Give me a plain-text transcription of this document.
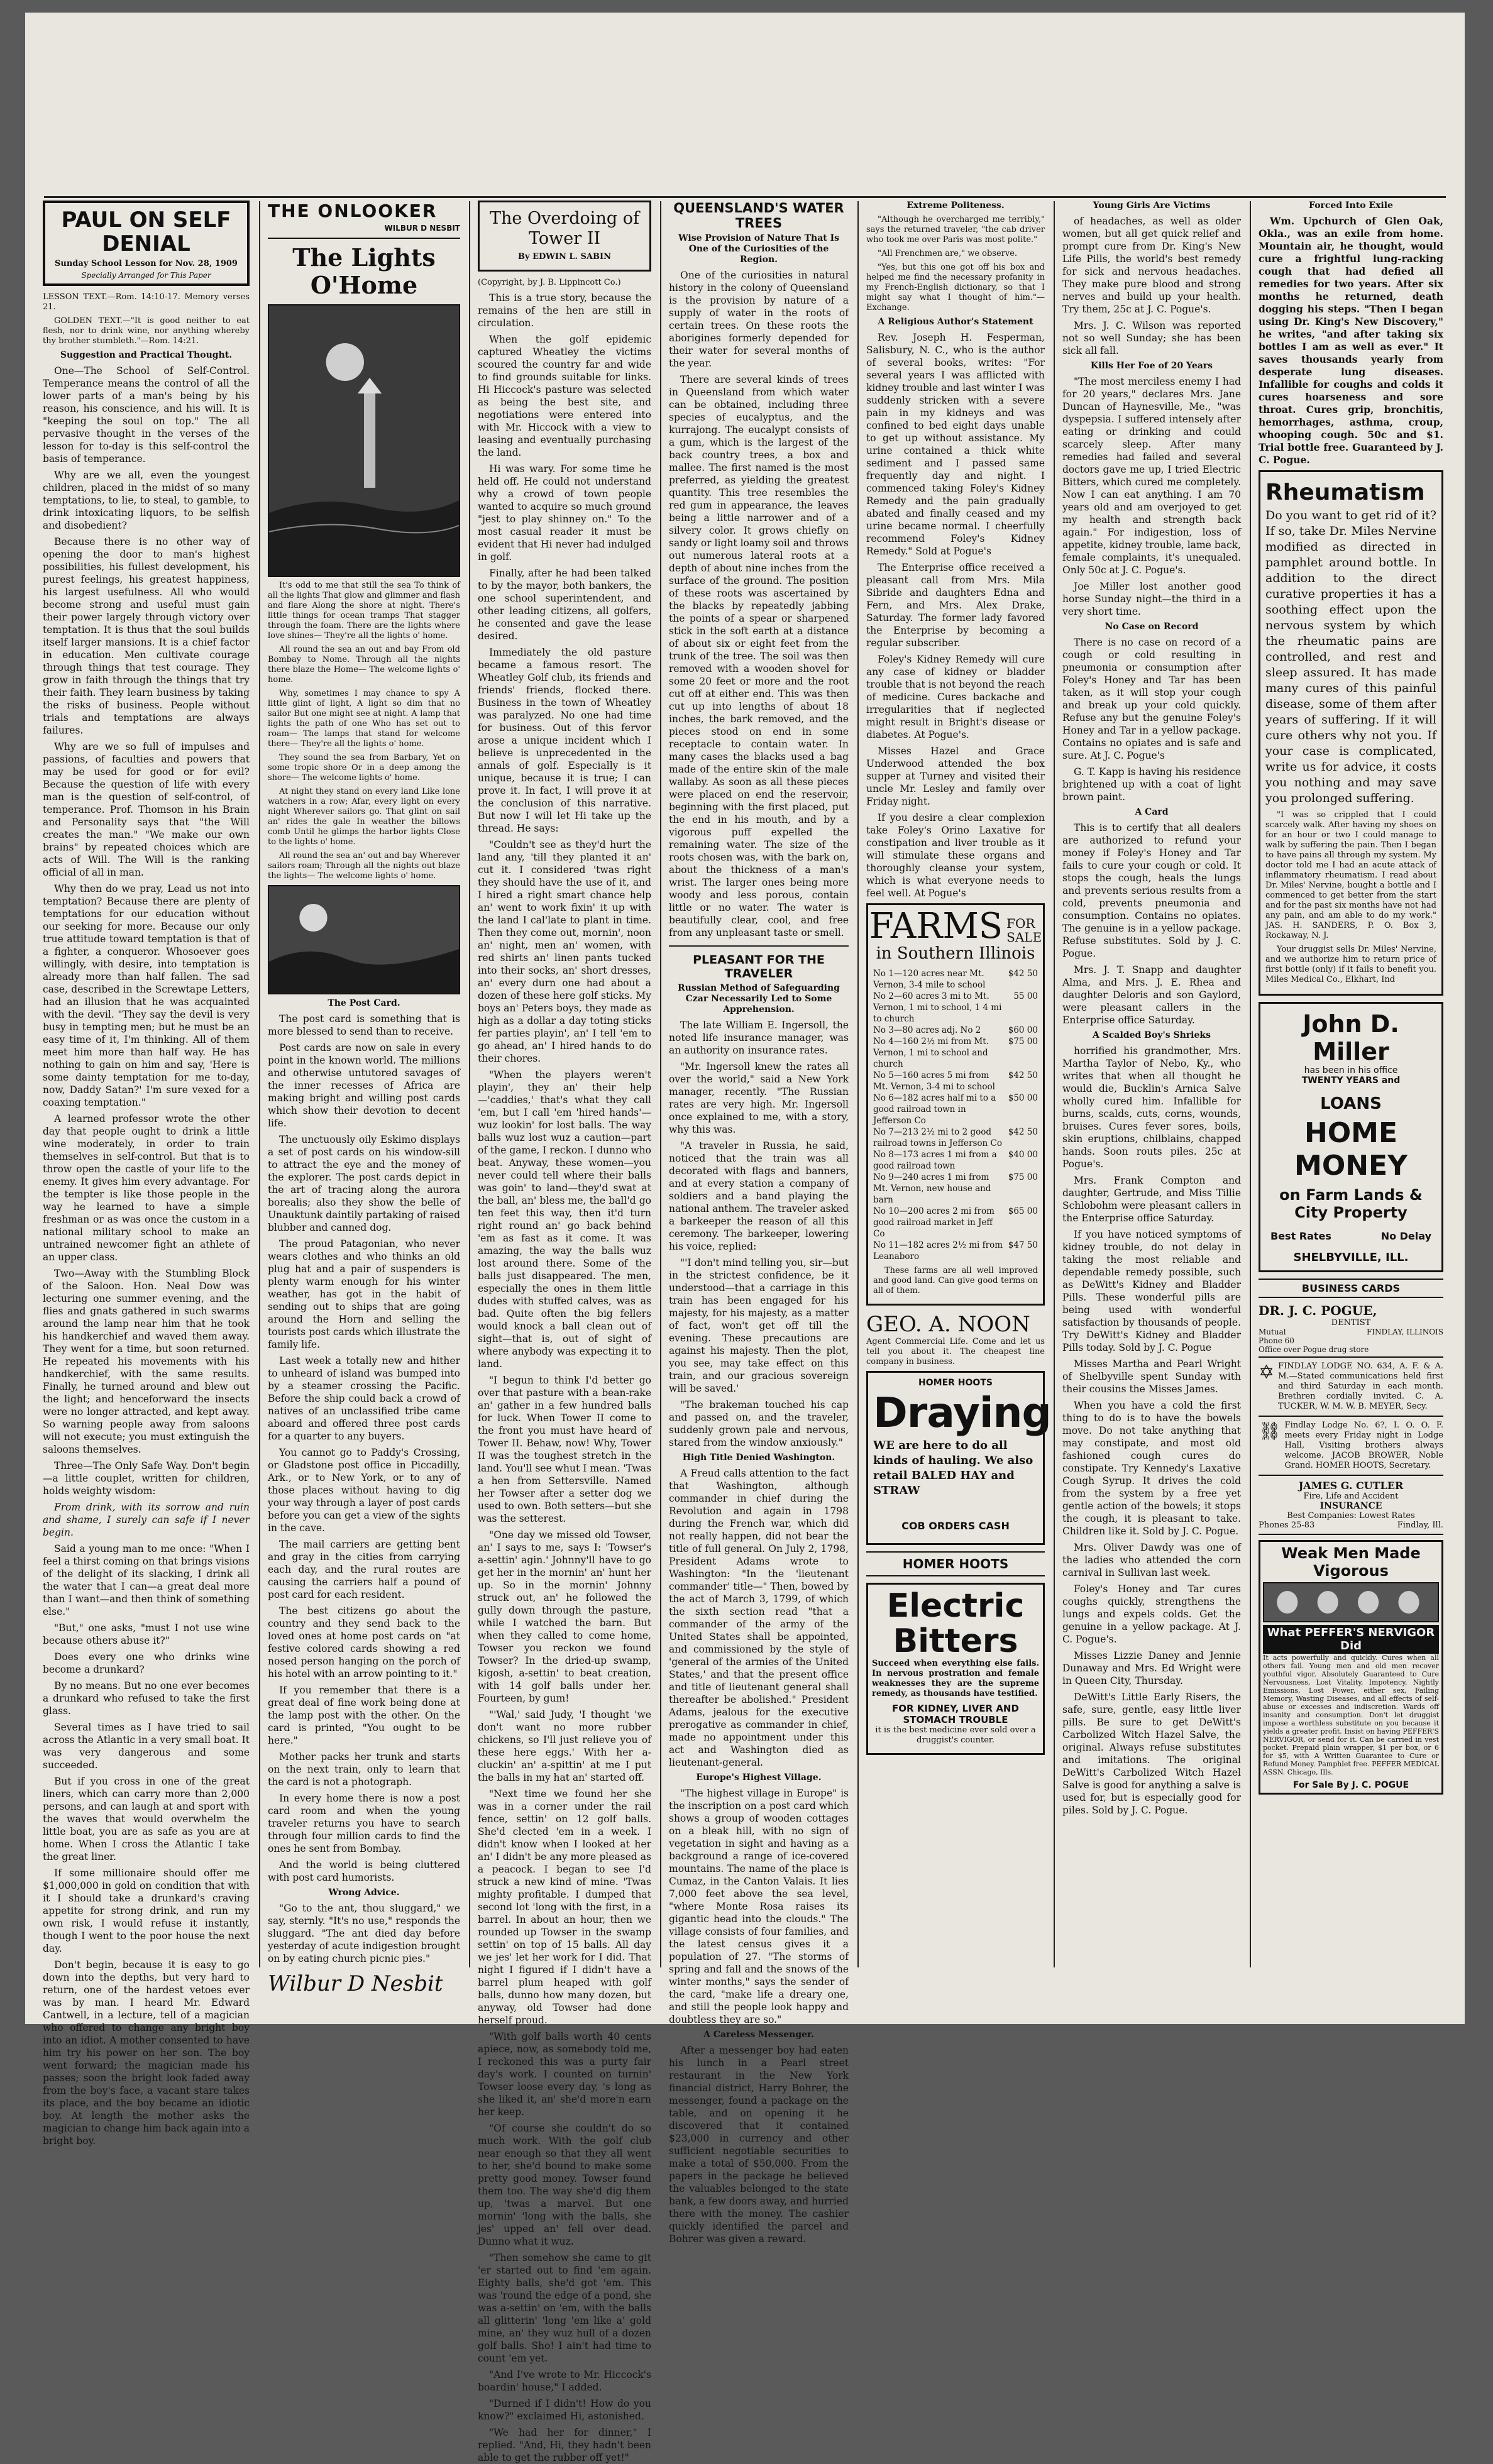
PAUL ON SELF DENIAL
Sunday School Lesson for Nov. 28, 1909
Specially Arranged for This Paper

LESSON TEXT.—Rom. 14:10-17. Memory verses 21.

GOLDEN TEXT.—"It is good neither to eat flesh, nor to drink wine, nor anything whereby thy brother stumbleth."—Rom. 14:21.

Suggestion and Practical Thought.

One—The School of Self-Control. Temperance means the control of all the lower parts of a man's being by his reason, his conscience, and his will. It is "keeping the soul on top." The all pervasive thought in the verses of the lesson for to-day is this self-control the basis of temperance.

Why are we all, even the youngest children, placed in the midst of so many temptations, to lie, to steal, to gamble, to drink intoxicating liquors, to be selfish and disobedient?

Because there is no other way of opening the door to man's highest possibilities, his fullest development, his purest feelings, his greatest happiness, his largest usefulness. All who would become strong and useful must gain their power largely through victory over temptation. It is thus that the soul builds itself larger mansions. It is a chief factor in education. Men cultivate courage through things that test courage. They grow in faith through the things that try their faith. They learn business by taking the risks of business. People without trials and temptations are always failures.

Why are we so full of impulses and passions, of faculties and powers that may be used for good or for evil? Because the question of life with every man is the question of self-control, of temperance. Prof. Thomson in his Brain and Personality says that "the Will creates the man." "We make our own brains" by repeated choices which are acts of Will. The Will is the ranking official of all in man.

Why then do we pray, Lead us not into temptation? Because there are plenty of temptations for our education without our seeking for more. Because our only true attitude toward temptation is that of a fighter, a conqueror. Whosoever goes willingly, with desire, into temptation is already more than half fallen. The sad case, described in the Screwtape Letters, had an illusion that he was acquainted with the devil. "They say the devil is very busy in tempting men; but he must be an easy time of it, I'm thinking. All of them meet him more than half way. He has nothing to gain on him and say, 'Here is some dainty temptation for me to-day, now, Daddy Satan?' I'm sure vexed for a coaxing temptation."

A learned professor wrote the other day that people ought to drink a little wine moderately, in order to train themselves in self-control. But that is to throw open the castle of your life to the enemy. It gives him every advantage. For the tempter is like those people in the way he learned to have a simple freshman or as was once the custom in a national military school to make an untrained newcomer fight an athlete of an upper class.

Two—Away with the Stumbling Block of the Saloon. Hon. Neal Dow was lecturing one summer evening, and the flies and gnats gathered in such swarms around the lamp near him that he took his handkerchief and waved them away. They went for a time, but soon returned. He repeated his movements with his handkerchief, with the same results. Finally, he turned around and blew out the light; and henceforward the insects were no longer attracted, and kept away. So warning people away from saloons will not execute; you must extinguish the saloons themselves.

Three—The Only Safe Way. Don't begin—a little couplet, written for children, holds weighty wisdom:

From drink, with its sorrow and ruin and shame, I surely can safe if I never begin.

Said a young man to me once: "When I feel a thirst coming on that brings visions of the delight of its slacking, I drink all the water that I can—a great deal more than I want—and then think of something else."

"But," one asks, "must I not use wine because others abuse it?"

Does every one who drinks wine become a drunkard?

By no means. But no one ever becomes a drunkard who refused to take the first glass.

Several times as I have tried to sail across the Atlantic in a very small boat. It was very dangerous and some succeeded.

But if you cross in one of the great liners, which can carry more than 2,000 persons, and can laugh at and sport with the waves that would overwhelm the little boat, you are as safe as you are at home. When I cross the Atlantic I take the great liner.

If some millionaire should offer me $1,000,000 in gold on condition that with it I should take a drunkard's craving appetite for strong drink, and run my own risk, I would refuse it instantly, though I went to the poor house the next day.

Don't begin, because it is easy to go down into the depths, but very hard to return, one of the hardest vetoes ever was by man. I heard Mr. Edward Cantwell, in a lecture, tell of a magician who offered to change any bright boy into an idiot. A mother consented to have him try his power on her son. The boy went forward; the magician made his passes; soon the bright look faded away from the boy's face, a vacant stare takes its place, and the boy became an idiotic boy. At length the mother asks the magician to change him back again into a bright boy.

THE ONLOOKER
WILBUR D NESBIT
The Lights O'Home

It's odd to me that still the sea To think of all the lights That glow and glimmer and flash and flare Along the shore at night. There's little things for ocean tramps That stagger through the foam. There are the lights where love shines— They're all the lights o' home.

All round the sea an out and bay From old Bombay to Nome. Through all the nights there blaze the Home— The welcome lights o' home.

Why, sometimes I may chance to spy A little glint of light, A light so dim that no sailor But one might see at night. A lamp that lights the path of one Who has set out to roam— The lamps that stand for welcome there— They're all the lights o' home.

They sound the sea from Barbary, Yet on some tropic shore Or in a deep among the shore— The welcome lights o' home.

At night they stand on every land Like lone watchers in a row; Afar, every light on every night Wherever sailors go. That glint on sail an' rides the gale In weather the billows comb Until he glimps the harbor lights Close to the lights o' home.

All round the sea an' out and bay Wherever sailors roam; Through all the nights out blaze the lights— The welcome lights o' home.

The Post Card.

The post card is something that is more blessed to send than to receive.

Post cards are now on sale in every point in the known world. The millions and otherwise untutored savages of the inner recesses of Africa are making bright and willing post cards which show their devotion to decent life.

The unctuously oily Eskimo displays a set of post cards on his window-sill to attract the eye and the money of the explorer. The post cards depict in the art of tracing along the aurora borealis; also they show the belle of Unauktunk daintily partaking of raised blubber and canned dog.

The proud Patagonian, who never wears clothes and who thinks an old plug hat and a pair of suspenders is plenty warm enough for his winter weather, has got in the habit of sending out to ships that are going around the Horn and selling the tourists post cards which illustrate the family life.

Last week a totally new and hither to unheard of island was bumped into by a steamer crossing the Pacific. Before the ship could back a crowd of natives of an unclassified tribe came aboard and offered three post cards for a quarter to any buyers.

You cannot go to Paddy's Crossing, or Gladstone post office in Piccadilly, Ark., or to New York, or to any of those places without having to dig your way through a layer of post cards before you can get a view of the sights in the cave.

The mail carriers are getting bent and gray in the cities from carrying each day, and the rural routes are causing the carriers half a pound of post card for each resident.

The best citizens go about the country and they send back to the loved ones at home post cards on "at festive colored cards showing a red nosed person hanging on the porch of his hotel with an arrow pointing to it."

If you remember that there is a great deal of fine work being done at the lamp post with the other. On the card is printed, "You ought to be here."

Mother packs her trunk and starts on the next train, only to learn that the card is not a photograph.

In every home there is now a post card room and when the young traveler returns you have to search through four million cards to find the ones he sent from Bombay.

And the world is being cluttered with post card humorists.

Wrong Advice.

"Go to the ant, thou sluggard," we say, sternly. "It's no use," responds the sluggard. "The ant died day before yesterday of acute indigestion brought on by eating church picnic pies."

Wilbur D Nesbit
The Overdoing of Tower II
By EDWIN L. SABIN

(Copyright, by J. B. Lippincott Co.)

This is a true story, because the remains of the hen are still in circulation.

When the golf epidemic captured Wheatley the victims scoured the country far and wide to find grounds suitable for links. Hi Hiccock's pasture was selected as being the best site, and negotiations were entered into with Mr. Hiccock with a view to leasing and eventually purchasing the land.

Hi was wary. For some time he held off. He could not understand why a crowd of town people wanted to acquire so much ground "jest to play shinney on." To the most casual reader it must be evident that Hi never had indulged in golf.

Finally, after he had been talked to by the mayor, both bankers, the one school superintendent, and other leading citizens, all golfers, he consented and gave the lease desired.

Immediately the old pasture became a famous resort. The Wheatley Golf club, its friends and friends' friends, flocked there. Business in the town of Wheatley was paralyzed. No one had time for business. Out of this fervor arose a unique incident which I believe is unprecedented in the annals of golf. Especially is it unique, because it is true; I can prove it. In fact, I will prove it at the conclusion of this narrative. But now I will let Hi take up the thread. He says:

"Couldn't see as they'd hurt the land any, 'till they planted it an' cut it. I considered 'twas right they should have the use of it, and I hired a right smart chance help an' went to work fixin' it up with the land I cal'late to plant in time. Then they come out, mornin', noon an' night, men an' women, with red shirts an' linen pants tucked into their socks, an' short dresses, an' every durn one had about a dozen of these here golf sticks. My boys an' Peters boys, they made as high as a dollar a day toting sticks fer parties playin', an' I tell 'em to go ahead, an' I hired hands to do their chores.

"When the players weren't playin', they an' their help—'caddies,' that's what they call 'em, but I call 'em 'hired hands'—wuz lookin' for lost balls. The way balls wuz lost wuz a caution—part of the game, I reckon. I dunno who beat. Anyway, these women—you never could tell where their balls was goin' to land—they'd swat at the ball, an' bless me, the ball'd go ten feet this way, then it'd turn right round an' go back behind 'em as fast as it come. It was amazing, the way the balls wuz lost around there. Some of the balls just disappeared. The men, especially the ones in them little dudes with stuffed calves, was as bad. Quite often the big fellers would knock a ball clean out of sight—that is, out of sight of where anybody was expecting it to land.

"I begun to think I'd better go over that pasture with a bean-rake an' gather in a few hundred balls for luck. When Tower II come to the front you must have heard of Tower II. Behaw, now! Why, Tower II was the toughest stretch in the land. You'll see whut I mean. 'Twas a hen from Settersville. Named her Towser after a setter dog we used to own. Both setters—but she was the setterest.

"One day we missed old Towser, an' I says to me, says I: 'Towser's a-settin' agin.' Johnny'll have to go get her in the mornin' an' hunt her up. So in the mornin' Johnny struck out, an' he followed the gully down through the pasture, while I watched the barn. But when they called to come home, Towser you reckon we found Towser? In the dried-up swamp, kigosh, a-settin' to beat creation, with 14 golf balls under her. Fourteen, by gum!

"'Wal,' said Judy, 'I thought 'we don't want no more rubber chickens, so I'll just relieve you of these here eggs.' With her a-cluckin' an' a-spittin' at me I put the balls in my hat an' started off.

"Next time we found her she was in a corner under the rail fence, settin' on 12 golf balls. She'd clected 'em in a week. I didn't know when I looked at her an' I didn't be any more pleased as a peacock. I began to see I'd struck a new kind of mine. 'Twas mighty profitable. I dumped that second lot 'long with the first, in a barrel. In about an hour, then we rounded up Towser in the swamp settin' on top of 15 balls. All day we jes' let her work for I did. That night I figured if I didn't have a barrel plum heaped with golf balls, dunno how many dozen, but anyway, old Towser had done herself proud.

"With golf balls worth 40 cents apiece, now, as somebody told me, I reckoned this was a purty fair day's work. I counted on turnin' Towser loose every day, 's long as she liked it, an' she'd more'n earn her keep.

"Of course she couldn't do so much work. With the golf club near enough so that they all went to her, she'd bound to make some pretty good money. Towser found them too. The way she'd dig them up, 'twas a marvel. But one mornin' 'long with the balls, she jes' upped an' fell over dead. Dunno what it wuz.

"Then somehow she came to git 'er started out to find 'em again. Eighty balls, she'd got 'em. This was 'round the edge of a pond, she was a-settin' on 'em, with the balls all glitterin' 'long 'em like a' gold mine, an' they wuz hull of a dozen golf balls. Sho! I ain't had time to count 'em yet.

"And I've wrote to Mr. Hiccock's boardin' house," I added.

"Durned if I didn't! How do you know?" exclaimed Hi, astonished.

"We had her for dinner," I replied. "And, Hi, they hadn't been able to get the rubber off yet!"

QUEENSLAND'S WATER TREES
Wise Provision of Nature That Is One of the Curiosities of the Region.

One of the curiosities in natural history in the colony of Queensland is the provision by nature of a supply of water in the roots of certain trees. On these roots the aborigines formerly depended for their water for several months of the year.

There are several kinds of trees in Queensland from which water can be obtained, including three species of eucalyptus, and the kurrajong. The eucalypt consists of a gum, which is the largest of the back country trees, a box and mallee. The first named is the most preferred, as yielding the greatest quantity. This tree resembles the red gum in appearance, the leaves being a little narrower and of a silvery color. It grows chiefly on sandy or light loamy soil and throws out numerous lateral roots at a depth of about nine inches from the surface of the ground. The position of these roots was ascertained by the blacks by repeatedly jabbing the points of a spear or sharpened stick in the soft earth at a distance of about six or eight feet from the trunk of the tree. The soil was then removed with a wooden shovel for some 20 feet or more and the root cut off at either end. This was then cut up into lengths of about 18 inches, the bark removed, and the pieces stood on end in some receptacle to contain water. In many cases the blacks used a bag made of the entire skin of the male wallaby. As soon as all these pieces were placed on end the reservoir, beginning with the first placed, put the end in his mouth, and by a vigorous puff expelled the remaining water. The size of the roots chosen was, with the bark on, about the thickness of a man's wrist. The larger ones being more woody and less porous, contain little or no water. The water is beautifully clear, cool, and free from any unpleasant taste or smell.

PLEASANT FOR THE TRAVELER
Russian Method of Safeguarding Czar Necessarily Led to Some Apprehension.

The late William E. Ingersoll, the noted life insurance manager, was an authority on insurance rates.

"Mr. Ingersoll knew the rates all over the world," said a New York manager, recently. "The Russian rates are very high. Mr. Ingersoll once explained to me, with a story, why this was.

"A traveler in Russia, he said, noticed that the train was all decorated with flags and banners, and at every station a company of soldiers and a band playing the national anthem. The traveler asked a barkeeper the reason of all this ceremony. The barkeeper, lowering his voice, replied:

"'I don't mind telling you, sir—but in the strictest confidence, be it understood—that a carriage in this train has been engaged for his majesty, for his majesty, as a matter of fact, won't get off till the evening. These precautions are against his majesty. Then the plot, you see, may take effect on this train, and our gracious sovereign will be saved.'

"The brakeman touched his cap and passed on, and the traveler, suddenly grown pale and nervous, stared from the window anxiously."

High Title Denied Washington.

A Freud calls attention to the fact that Washington, although commander in chief during the Revolution and again in 1798 during the French war, which did not really happen, did not bear the title of full general. On July 2, 1798, President Adams wrote to Washington: "In the 'lieutenant commander' title—" Then, bowed by the act of March 3, 1799, of which the sixth section read "that a commander of the army of the United States shall be appointed, and commissioned by the style of 'general of the armies of the United States,' and that the present office and title of lieutenant general shall thereafter be abolished." President Adams, jealous for the executive prerogative as commander in chief, made no appointment under this act and Washington died as lieutenant-general.

Europe's Highest Village.

"The highest village in Europe" is the inscription on a post card which shows a group of wooden cottages on a bleak hill, with no sign of vegetation in sight and having as a background a range of ice-covered mountains. The name of the place is Cumaz, in the Canton Valais. It lies 7,000 feet above the sea level, "where Monte Rosa raises its gigantic head into the clouds." The village consists of four families, and the latest census gives it a population of 27. "The storms of spring and fall and the snows of the winter months," says the sender of the card, "make life a dreary one, and still the people look happy and doubtless they are so."

A Careless Messenger.

After a messenger boy had eaten his lunch in a Pearl street restaurant in the New York financial district, Harry Bohrer, the messenger, found a package on the table, and on opening it he discovered that it contained $23,000 in currency and other sufficient negotiable securities to make a total of $50,000. From the papers in the package he believed the valuables belonged to the state bank, a few doors away, and hurried there with the money. The cashier quickly identified the parcel and Bohrer was given a reward.

Extreme Politeness.

"Although he overcharged me terribly," says the returned traveler, "the cab driver who took me over Paris was most polite."

"All Frenchmen are," we observe.

"Yes, but this one got off his box and helped me find the necessary profanity in my French-English dictionary, so that I might say what I thought of him."—Exchange.

A Religious Author's Statement

Rev. Joseph H. Fesperman, Salisbury, N. C., who is the author of several books, writes: "For several years I was afflicted with kidney trouble and last winter I was suddenly stricken with a severe pain in my kidneys and was confined to bed eight days unable to get up without assistance. My urine contained a thick white sediment and I passed same frequently day and night. I commenced taking Foley's Kidney Remedy and the pain gradually abated and finally ceased and my urine became normal. I cheerfully recommend Foley's Kidney Remedy." Sold at Pogue's

The Enterprise office received a pleasant call from Mrs. Mila Sibride and daughters Edna and Fern, and Mrs. Alex Drake, Saturday. The former lady favored the Enterprise by becoming a regular subscriber.

Foley's Kidney Remedy will cure any case of kidney or bladder trouble that is not beyond the reach of medicine. Cures backache and irregularities that if neglected might result in Bright's disease or diabetes. At Pogue's.

Misses Hazel and Grace Underwood attended the box supper at Turney and visited their uncle Mr. Lesley and family over Friday night.

If you desire a clear complexion take Foley's Orino Laxative for constipation and liver trouble as it will stimulate these organs and thoroughly cleanse your system, which is what everyone needs to feel well. At Pogue's

FARMS FOR
SALE
in Southern Illinois
No 1—120 acres near Mt. Vernon, 3-4 mile to school
$42 50
No 2—60 acres 3 mi to Mt. Vernon, 1 mi to school, 1 4 mi to church
55 00
No 3—80 acres adj. No 2	$60 00
No 4—160 2½ mi from Mt. Vernon, 1 mi to school and church
$75 00
No 5—160 acres 5 mi from Mt. Vernon, 3-4 mi to school
$42 50
No 6—182 acres half mi to a good railroad town in Jefferson Co
$50 00
No 7—213 2½ mi to 2 good railroad towns in Jefferson Co
$42 50
No 8—173 acres 1 mi from a good railroad town
$40 00
No 9—240 acres 1 mi from Mt. Vernon, new house and barn
$75 00
No 10—200 acres 2 mi from good railroad market in Jeff Co
$65 00
No 11—182 acres 2½ mi from Leanaboro
$47 50

These farms are all well improved and good land. Can give good terms on all of them.

GEO. A. NOON

Agent Commercial Life. Come and let us tell you about it. The cheapest line company in business.

HOMER HOOTS
Draying

WE are here to do all kinds of hauling. We also retail BALED HAY and STRAW

COB ORDERS CASH
HOMER HOOTS
Electric
Bitters

Succeed when everything else fails. In nervous prostration and female weaknesses they are the supreme remedy, as thousands have testified.

FOR KIDNEY, LIVER AND STOMACH TROUBLE

it is the best medicine ever sold over a druggist's counter.

Young Girls Are Victims

of headaches, as well as older women, but all get quick relief and prompt cure from Dr. King's New Life Pills, the world's best remedy for sick and nervous headaches. They make pure blood and strong nerves and build up your health. Try them, 25c at J. C. Pogue's.

Mrs. J. C. Wilson was reported not so well Sunday; she has been sick all fall.

Kills Her Foe of 20 Years

"The most merciless enemy I had for 20 years," declares Mrs. Jane Duncan of Haynesville, Me., "was dyspepsia. I suffered intensely after eating or drinking and could scarcely sleep. After many remedies had failed and several doctors gave me up, I tried Electric Bitters, which cured me completely. Now I can eat anything. I am 70 years old and am overjoyed to get my health and strength back again." For indigestion, loss of appetite, kidney trouble, lame back, female complaints, it's unequaled. Only 50c at J. C. Pogue's.

Joe Miller lost another good horse Sunday night—the third in a very short time.

No Case on Record

There is no case on record of a cough or cold resulting in pneumonia or consumption after Foley's Honey and Tar has been taken, as it will stop your cough and break up your cold quickly. Refuse any but the genuine Foley's Honey and Tar in a yellow package. Contains no opiates and is safe and sure. At J. C. Pogue's

G. T. Kapp is having his residence brightened up with a coat of light brown paint.

A Card

This is to certify that all dealers are authorized to refund your money if Foley's Honey and Tar fails to cure your cough or cold. It stops the cough, heals the lungs and prevents serious results from a cold, prevents pneumonia and consumption. Contains no opiates. The genuine is in a yellow package. Refuse substitutes. Sold by J. C. Pogue.

Mrs. J. T. Snapp and daughter Alma, and Mrs. J. E. Rhea and daughter Deloris and son Gaylord, were pleasant callers in the Enterprise office Saturday.

A Scalded Boy's Shrieks

horrified his grandmother, Mrs. Martha Taylor of Nebo, Ky., who writes that when all thought he would die, Bucklin's Arnica Salve wholly cured him. Infallible for burns, scalds, cuts, corns, wounds, bruises. Cures fever sores, boils, skin eruptions, chilblains, chapped hands. Soon routs piles. 25c at Pogue's.

Mrs. Frank Compton and daughter, Gertrude, and Miss Tillie Schlobohm were pleasant callers in the Enterprise office Saturday.

If you have noticed symptoms of kidney trouble, do not delay in taking the most reliable and dependable remedy possible, such as DeWitt's Kidney and Bladder Pills. These wonderful pills are being used with wonderful satisfaction by thousands of people. Try DeWitt's Kidney and Bladder Pills today. Sold by J. C. Pogue

Misses Martha and Pearl Wright of Shelbyville spent Sunday with their cousins the Misses James.

When you have a cold the first thing to do is to have the bowels move. Do not take anything that may constipate, and most old fashioned cough cures do constipate. Try Kennedy's Laxative Cough Syrup. It drives the cold from the system by a free yet gentle action of the bowels; it stops the cough, it is pleasant to take. Children like it. Sold by J. C. Pogue.

Mrs. Oliver Dawdy was one of the ladies who attended the corn carnival in Sullivan last week.

Foley's Honey and Tar cures coughs quickly, strengthens the lungs and expels colds. Get the genuine in a yellow package. At J. C. Pogue's.

Misses Lizzie Daney and Jennie Dunaway and Mrs. Ed Wright were in Queen City, Thursday.

DeWitt's Little Early Risers, the safe, sure, gentle, easy little liver pills. Be sure to get DeWitt's Carbolized Witch Hazel Salve, the original. Always refuse substitutes and imitations. The original DeWitt's Carbolized Witch Hazel Salve is good for anything a salve is used for, but is especially good for piles. Sold by J. C. Pogue.

Forced Into Exile

Wm. Upchurch of Glen Oak, Okla., was an exile from home. Mountain air, he thought, would cure a frightful lung-racking cough that had defied all remedies for two years. After six months he returned, death dogging his steps. "Then I began using Dr. King's New Discovery," he writes, "and after taking six bottles I am as well as ever." It saves thousands yearly from desperate lung diseases. Infallible for coughs and colds it cures hoarseness and sore throat. Cures grip, bronchitis, hemorrhages, asthma, croup, whooping cough. 50c and $1. Trial bottle free. Guaranteed by J. C. Pogue.

Rheumatism

Do you want to get rid of it? If so, take Dr. Miles Nervine modified as directed in pamphlet around bottle. In addition to the direct curative properties it has a soothing effect upon the nervous system by which the rheumatic pains are controlled, and rest and sleep assured. It has made many cures of this painful disease, some of them after years of suffering. If it will cure others why not you. If your case is complicated, write us for advice, it costs you nothing and may save you prolonged suffering.

"I was so crippled that I could scarcely walk. After having my shoes on for an hour or two I could manage to walk by suffering the pain. Then I began to have pains all through my system. My doctor told me I had an acute attack of inflammatory rheumatism. I read about Dr. Miles' Nervine, bought a bottle and I commenced to get better from the start and for the past six months have not had any pain, and am able to do my work." JAS. H. SANDERS, P. O. Box 3, Rockaway, N. J.

Your druggist sells Dr. Miles' Nervine, and we authorize him to return price of first bottle (only) if it fails to benefit you. Miles Medical Co., Elkhart, Ind

John D. Miller
has been in his office
TWENTY YEARS and
LOANS
HOME MONEY
on Farm Lands & City Property
Best Rates	No Delay
SHELBYVILLE, ILL.
BUSINESS CARDS
DR. J. C. POGUE,
DENTIST
Mutual	FINDLAY, ILLINOIS
Phone 60
Office over Pogue drug store
✡ FINDLAY LODGE NO. 634, A. F. & A. M.—Stated communications held first and third Saturday in each month. Brethren cordially invited. C. A. TUCKER, W. M. W. B. MEYER, Secy.

⛓ Findlay Lodge No. 6?, I. O. O. F. meets every Friday night in Lodge Hall, Visiting brothers always welcome. JACOB BROWER, Noble Grand. HOMER HOOTS, Secretary.

JAMES G. CUTLER
Fire, Life and Accident
INSURANCE
Best Companies: Lowest Rates
Phones 25-83	Findlay, Ill.
Weak Men Made Vigorous
What PEFFER'S NERVIGOR Did

It acts powerfully and quickly. Cures when all others fail. Young men and old men recover youthful vigor. Absolutely Guaranteed to Cure Nervousness, Lost Vitality, Impotency, Nightly Emissions, Lost Power, either sex, Failing Memory, Wasting Diseases, and all effects of self-abuse or excesses and indiscretion. Wards off insanity and consumption. Don't let druggist impose a worthless substitute on you because it yields a greater profit. Insist on having PEFFER'S NERVIGOR, or send for it. Can be carried in vest pocket. Prepaid plain wrapper, $1 per box, or 6 for $5, with A Written Guarantee to Cure or Refund Money. Pamphlet free. PEFFER MEDICAL ASSN. Chicago, Ills.

For Sale By J. C. POGUE
